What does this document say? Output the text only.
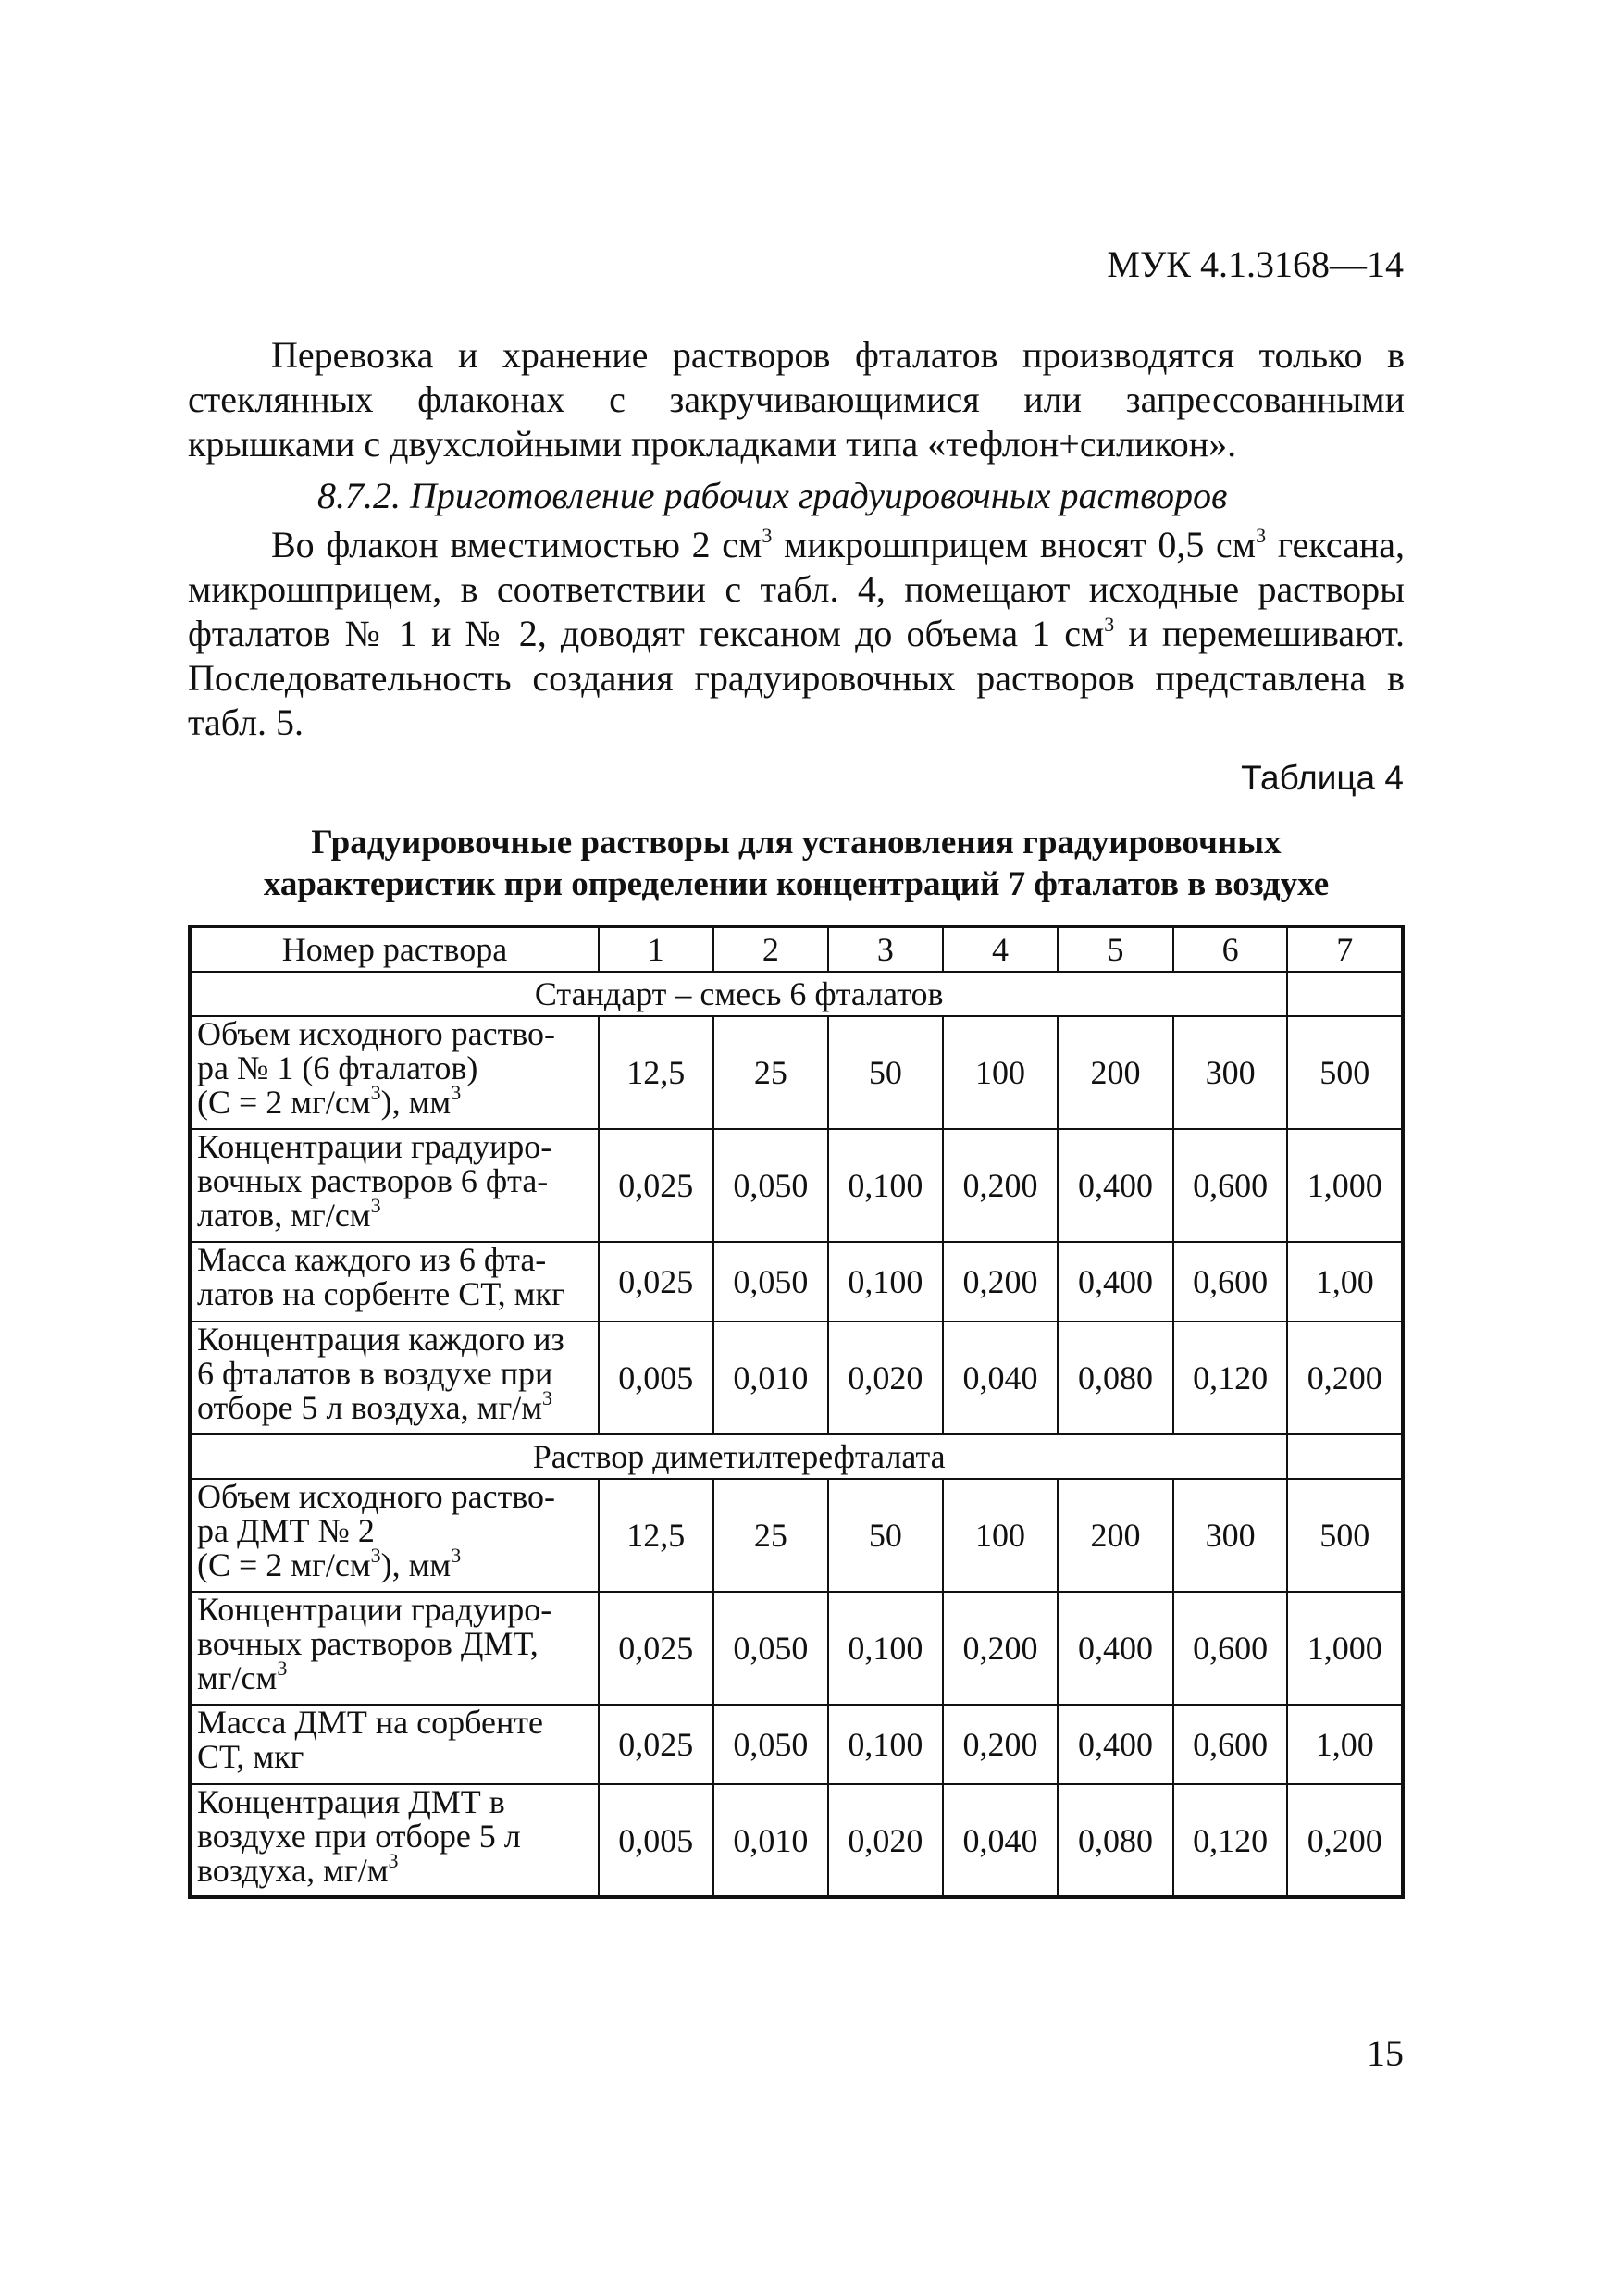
МУК 4.1.3168—14

Перевозка и хранение растворов фталатов производятся только в стеклянных флаконах с закручивающимися или запрессованными крышками с двухслойными прокладками типа «тефлон+силикон».

8.7.2. Приготовление рабочих градуировочных растворов

Во флакон вместимостью 2 $см^3$ микрошприцем вносят 0,5 $см^3$ гексана, микрошприцем, в соответствии с табл. 4, помещают исходные растворы фталатов № 1 и № 2, доводят гексаном до объема 1 $см^3$ и перемешивают. Последовательность создания градуировочных растворов представлена в табл. 5.

Таблица 4
Градуировочные растворы для установления градуировочных
характеристик при определении концентраций 7 фталатов в воздухе
Номер раствора	1	2	3	4	5	6	7
Стандарт – смесь 6 фталатов							
Объем исходного раство-
ра № 1 (6 фталатов)
(C = 2 $мг/см^3$), $мм^3$	12,5	25	50	100	200	300	500
Концентрации градуиро-
вочных растворов 6 фта-
латов, $мг/см^3$	0,025	0,050	0,100	0,200	0,400	0,600	1,000
Масса каждого из 6 фта-
латов на сорбенте СТ, мкг	0,025	0,050	0,100	0,200	0,400	0,600	1,00
Концентрация каждого из
6 фталатов в воздухе при
отборе 5 л воздуха, $мг/м^3$	0,005	0,010	0,020	0,040	0,080	0,120	0,200
Раствор диметилтерефталата							
Объем исходного раство-
ра ДМТ № 2
(C = 2 $мг/см^3$), $мм^3$	12,5	25	50	100	200	300	500
Концентрации градуиро-
вочных растворов ДМТ,
$мг/см^3$	0,025	0,050	0,100	0,200	0,400	0,600	1,000
Масса ДМТ на сорбенте
СТ, мкг	0,025	0,050	0,100	0,200	0,400	0,600	1,00
Концентрация ДМТ в
воздухе при отборе 5 л
воздуха, $мг/м^3$	0,005	0,010	0,020	0,040	0,080	0,120	0,200
15
